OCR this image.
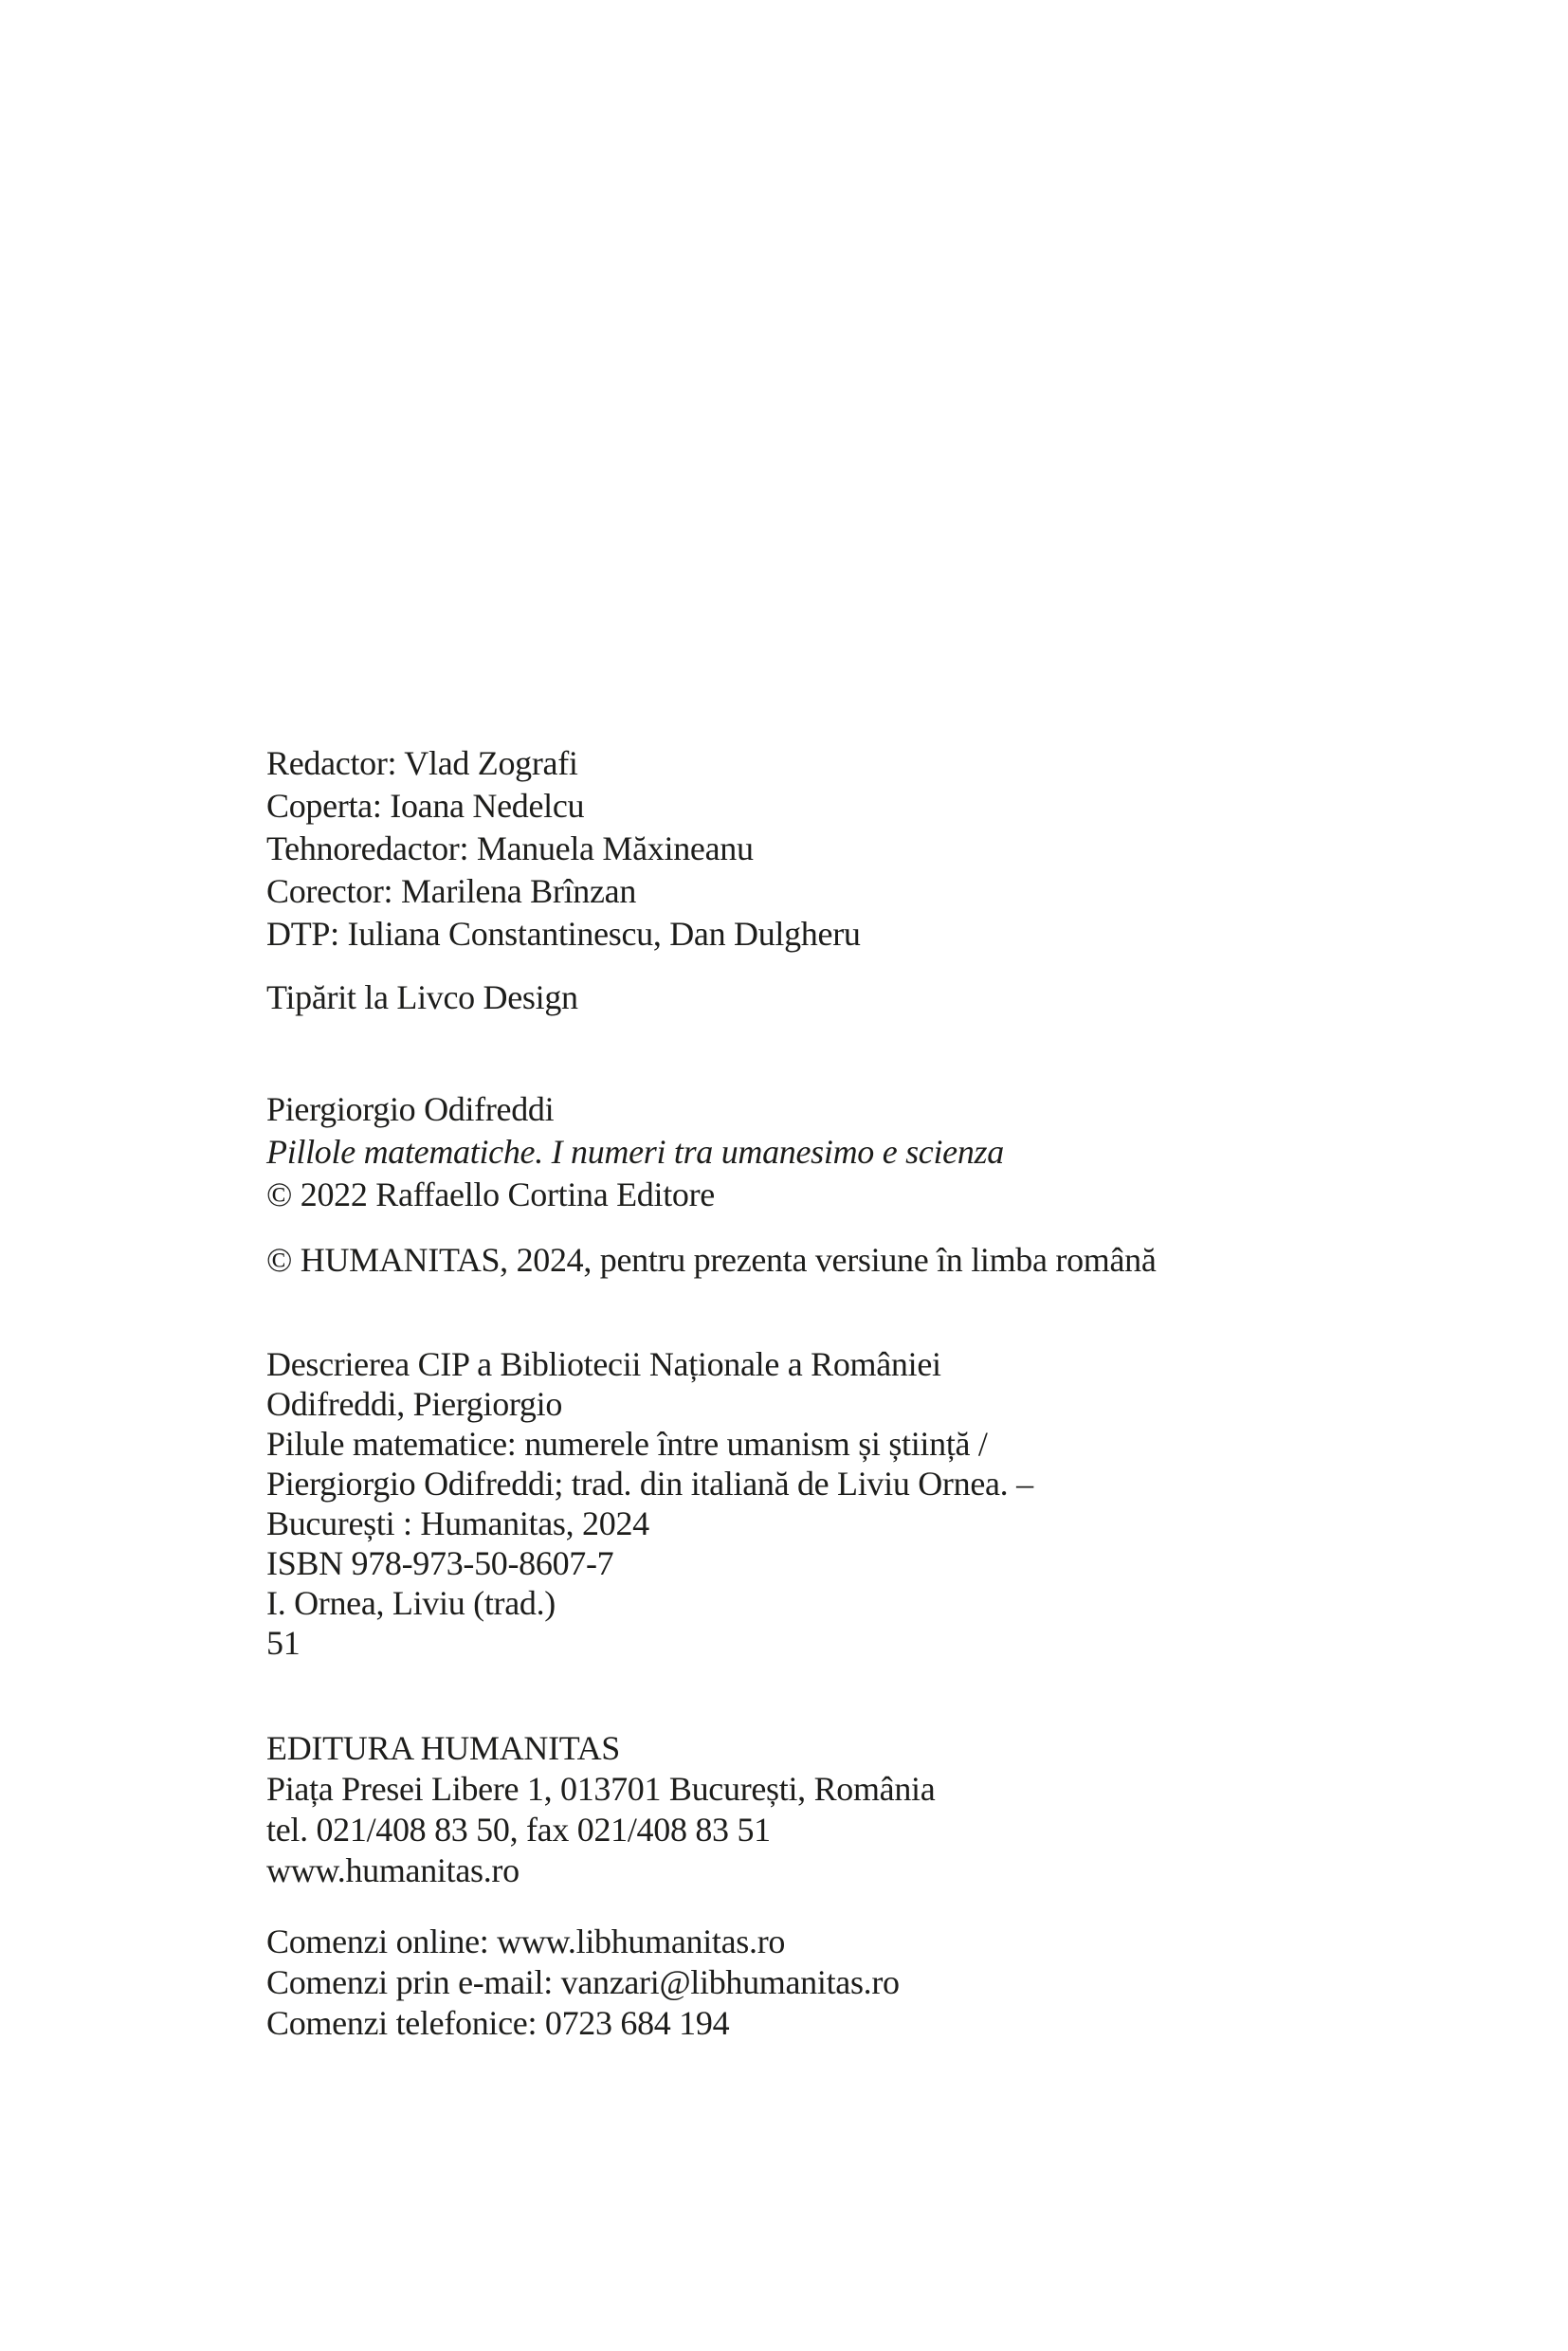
Redactor: Vlad Zografi

Coperta: Ioana Nedelcu

Tehnoredactor: Manuela Măxineanu

Corector: Marilena Brînzan

DTP: Iuliana Constantinescu, Dan Dulgheru

Tipărit la Livco Design

Piergiorgio Odifreddi

Pillole matematiche. I numeri tra umanesimo e scienza

© 2022 Raffaello Cortina Editore

© HUMANITAS, 2024, pentru prezenta versiune în limba română

Descrierea CIP a Bibliotecii Naționale a României

Odifreddi, Piergiorgio

Pilule matematice: numerele între umanism și știință /

Piergiorgio Odifreddi; trad. din italiană de Liviu Ornea. –

București : Humanitas, 2024

ISBN 978-973-50-8607-7

I. Ornea, Liviu (trad.)

51

EDITURA HUMANITAS

Piața Presei Libere 1, 013701 București, România

tel. 021/408 83 50, fax 021/408 83 51

www.humanitas.ro

Comenzi online: www.libhumanitas.ro

Comenzi prin e-mail: vanzari@libhumanitas.ro

Comenzi telefonice: 0723 684 194
